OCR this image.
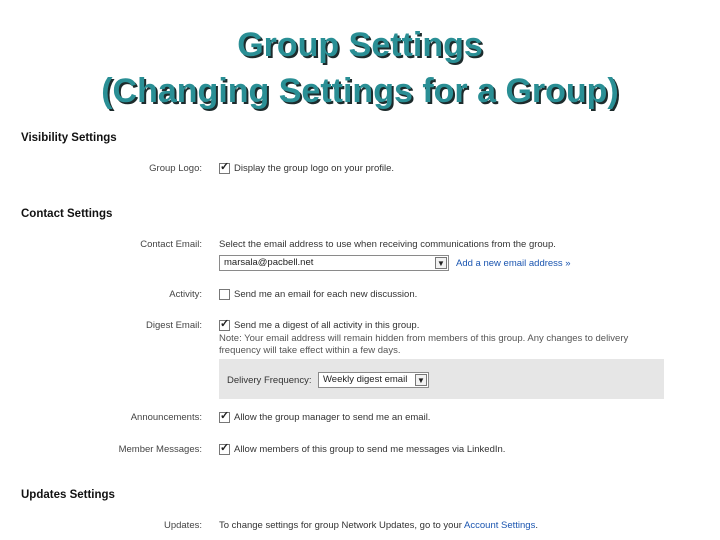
Group Settings
(Changing Settings for a Group)
Visibility Settings
Group Logo: ✓	Display the group logo on your profile.
Contact Settings
Contact Email: Select the email address to use when receiving communications from the group.
marsala@pacbell.net	▼ Add a new email address »
Activity:	Send me an email for each new discussion.
Digest Email: ✓	Send me a digest of all activity in this group.
Note: Your email address will remain hidden from members of this group. Any changes to delivery frequency will take effect within a few days.
Delivery Frequency:	Weekly digest email ▼
Announcements: ✓	Allow the group manager to send me an email.
Member Messages: ✓	Allow members of this group to send me messages via LinkedIn.
Updates Settings
Updates: To change settings for group Network Updates, go to your Account Settings.
